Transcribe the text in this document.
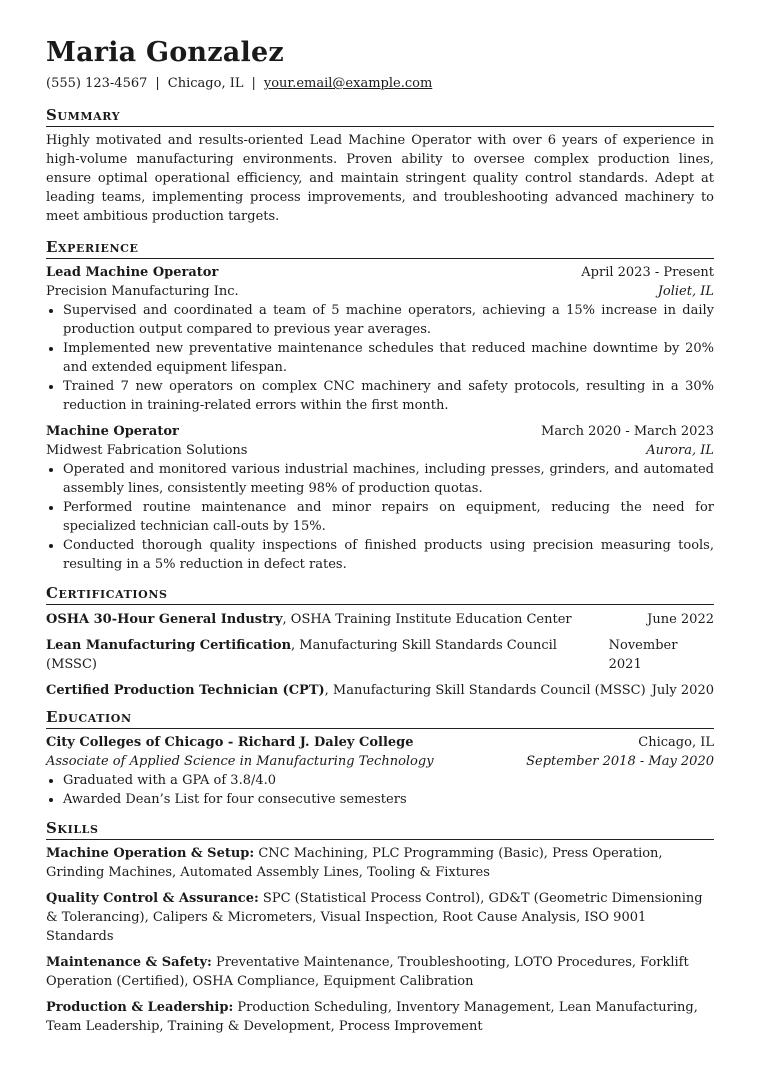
Maria Gonzalez
(555) 123-4567 | Chicago, IL | your.email@example.com
Summary
Highly motivated and results-oriented Lead Machine Operator with over 6 years of experience in high-volume manufacturing environments. Proven ability to oversee complex production lines, ensure optimal operational efficiency, and maintain stringent quality control standards. Adept at leading teams, implementing process improvements, and troubleshooting advanced machinery to meet ambitious production targets.
Experience
Lead Machine Operator	April 2023 - Present
Precision Manufacturing Inc.	Joliet, IL
• Supervised and coordinated a team of 5 machine operators, achieving a 15% increase in daily production output compared to previous year averages.
• Implemented new preventative maintenance schedules that reduced machine downtime by 20% and extended equipment lifespan.
• Trained 7 new operators on complex CNC machinery and safety protocols, resulting in a 30% reduction in training-related errors within the first month.
Machine Operator	March 2020 - March 2023
Midwest Fabrication Solutions	Aurora, IL
• Operated and monitored various industrial machines, including presses, grinders, and automated assembly lines, consistently meeting 98% of production quotas.
• Performed routine maintenance and minor repairs on equipment, reducing the need for specialized technician call-outs by 15%.
• Conducted thorough quality inspections of finished products using precision measuring tools, resulting in a 5% reduction in defect rates.
Certifications
OSHA 30-Hour General Industry, OSHA Training Institute Education Center	June 2022
Lean Manufacturing Certification, Manufacturing Skill Standards Council (MSSC)
November 2021
Certified Production Technician (CPT), Manufacturing Skill Standards Council (MSSC) July 2020
Education
City Colleges of Chicago - Richard J. Daley College	Chicago, IL
Associate of Applied Science in Manufacturing Technology	September 2018 - May 2020
• Graduated with a GPA of 3.8/4.0
• Awarded Dean’s List for four consecutive semesters
Skills
Machine Operation & Setup: CNC Machining, PLC Programming (Basic), Press Operation, Grinding Machines, Automated Assembly Lines, Tooling & Fixtures
Quality Control & Assurance: SPC (Statistical Process Control), GD&T (Geometric Dimensioning & Tolerancing), Calipers & Micrometers, Visual Inspection, Root Cause Analysis, ISO 9001 Standards
Maintenance & Safety: Preventative Maintenance, Troubleshooting, LOTO Procedures, Forklift Operation (Certified), OSHA Compliance, Equipment Calibration
Production & Leadership: Production Scheduling, Inventory Management, Lean Manufacturing, Team Leadership, Training & Development, Process Improvement
